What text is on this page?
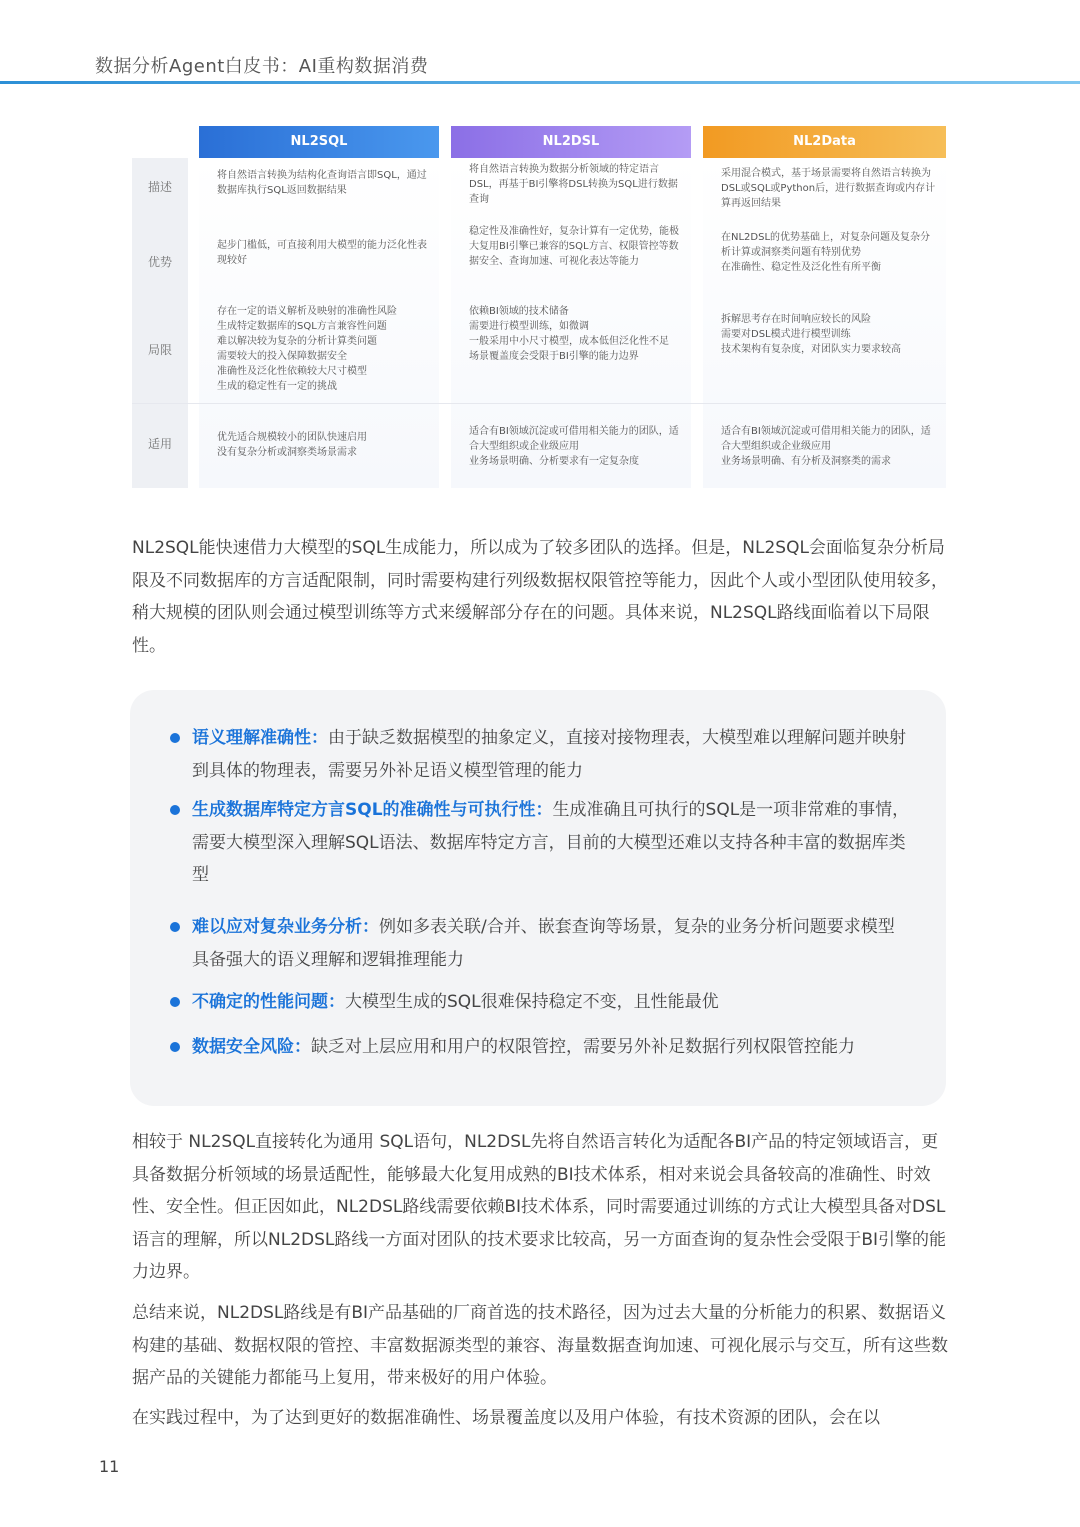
数据分析Agent白皮书：AI重构数据消费
描述
优势
局限
适用
NL2SQL
将自然语言转换为结构化查询语言即SQL，通过数据库执行SQL返回数据结果
起步门槛低，可直接利用大模型的能力泛化性表现较好
存在一定的语义解析及映射的准确性风险
生成特定数据库的SQL方言兼容性问题
难以解决较为复杂的分析计算类问题
需要较大的投入保障数据安全
准确性及泛化性依赖较大尺寸模型
生成的稳定性有一定的挑战
优先适合规模较小的团队快速启用
没有复杂分析或洞察类场景需求
NL2DSL
将自然语言转换为数据分析领域的特定语言DSL，再基于BI引擎将DSL转换为SQL进行数据查询
稳定性及准确性好，复杂计算有一定优势，能极大复用BI引擎已兼容的SQL方言、权限管控等数据安全、查询加速、可视化表达等能力
依赖BI领域的技术储备
需要进行模型训练，如微调
一般采用中小尺寸模型，成本低但泛化性不足
场景覆盖度会受限于BI引擎的能力边界
适合有BI领域沉淀或可借用相关能力的团队，适合大型组织或企业级应用
业务场景明确、分析要求有一定复杂度
NL2Data
采用混合模式，基于场景需要将自然语言转换为DSL或SQL或Python后，进行数据查询或内存计算再返回结果
在NL2DSL的优势基础上，对复杂问题及复杂分析计算或洞察类问题有特别优势
在准确性、稳定性及泛化性有所平衡
拆解思考存在时间响应较长的风险
需要对DSL模式进行模型训练
技术架构有复杂度，对团队实力要求较高
适合有BI领域沉淀或可借用相关能力的团队，适合大型组织或企业级应用
业务场景明确、有分析及洞察类的需求
NL2SQL能快速借力大模型的SQL生成能力，所以成为了较多团队的选择。但是，NL2SQL会面临复杂分析局限及不同数据库的方言适配限制，同时需要构建行列级数据权限管控等能力，因此个人或小型团队使用较多，稍大规模的团队则会通过模型训练等方式来缓解部分存在的问题。具体来说，NL2SQL路线面临着以下局限性。
语义理解准确性：由于缺乏数据模型的抽象定义，直接对接物理表，大模型难以理解问题并映射到具体的物理表，需要另外补足语义模型管理的能力
生成数据库特定方言SQL的准确性与可执行性：生成准确且可执行的SQL是一项非常难的事情，需要大模型深入理解SQL语法、数据库特定方言，目前的大模型还难以支持各种丰富的数据库类型
难以应对复杂业务分析：例如多表关联/合并、嵌套查询等场景，复杂的业务分析问题要求模型具备强大的语义理解和逻辑推理能力
不确定的性能问题：大模型生成的SQL很难保持稳定不变，且性能最优
数据安全风险：缺乏对上层应用和用户的权限管控，需要另外补足数据行列权限管控能力
相较于 NL2SQL直接转化为通用 SQL语句，NL2DSL先将自然语言转化为适配各BI产品的特定领域语言，更具备数据分析领域的场景适配性，能够最大化复用成熟的BI技术体系，相对来说会具备较高的准确性、时效性、安全性。但正因如此，NL2DSL路线需要依赖BI技术体系，同时需要通过训练的方式让大模型具备对DSL语言的理解，所以NL2DSL路线一方面对团队的技术要求比较高，另一方面查询的复杂性会受限于BI引擎的能力边界。
总结来说，NL2DSL路线是有BI产品基础的厂商首选的技术路径，因为过去大量的分析能力的积累、数据语义构建的基础、数据权限的管控、丰富数据源类型的兼容、海量数据查询加速、可视化展示与交互，所有这些数据产品的关键能力都能马上复用，带来极好的用户体验。
在实践过程中，为了达到更好的数据准确性、场景覆盖度以及用户体验，有技术资源的团队，会在以
11
